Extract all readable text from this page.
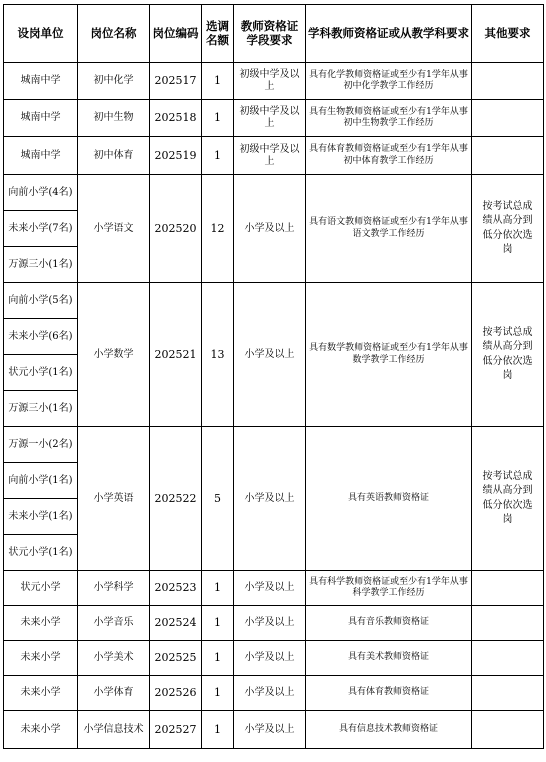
设岗单位	岗位名称	岗位编码	选调名额	教师资格证学段要求	学科教师资格证或从教学科要求	其他要求
城南中学	初中化学	202517	1	初级中学及以上	具有化学教师资格证或至少有1学年从事初中化学教学工作经历	
城南中学	初中生物	202518	1	初级中学及以上	具有生物教师资格证或至少有1学年从事初中生物教学工作经历	
城南中学	初中体育	202519	1	初级中学及以上	具有体育教师资格证或至少有1学年从事初中体育教学工作经历	
向前小学(4名)	小学语文	202520	12	小学及以上	具有语文教师资格证或至少有1学年从事语文教学工作经历	按考试总成绩从高分到低分依次选岗
未来小学(7名)						
万源三小(1名)						
向前小学(5名)	小学数学	202521	13	小学及以上	具有数学教师资格证或至少有1学年从事数学教学工作经历	按考试总成绩从高分到低分依次选岗
未来小学(6名)						
状元小学(1名)						
万源三小(1名)						
万源一小(2名)	小学英语	202522	5	小学及以上	具有英语教师资格证	按考试总成绩从高分到低分依次选岗
向前小学(1名)						
未来小学(1名)						
状元小学(1名)						
状元小学	小学科学	202523	1	小学及以上	具有科学教师资格证或至少有1学年从事科学教学工作经历	
未来小学	小学音乐	202524	1	小学及以上	具有音乐教师资格证	
未来小学	小学美术	202525	1	小学及以上	具有美术教师资格证	
未来小学	小学体育	202526	1	小学及以上	具有体育教师资格证	
未来小学	小学信息技术	202527	1	小学及以上	具有信息技术教师资格证	
